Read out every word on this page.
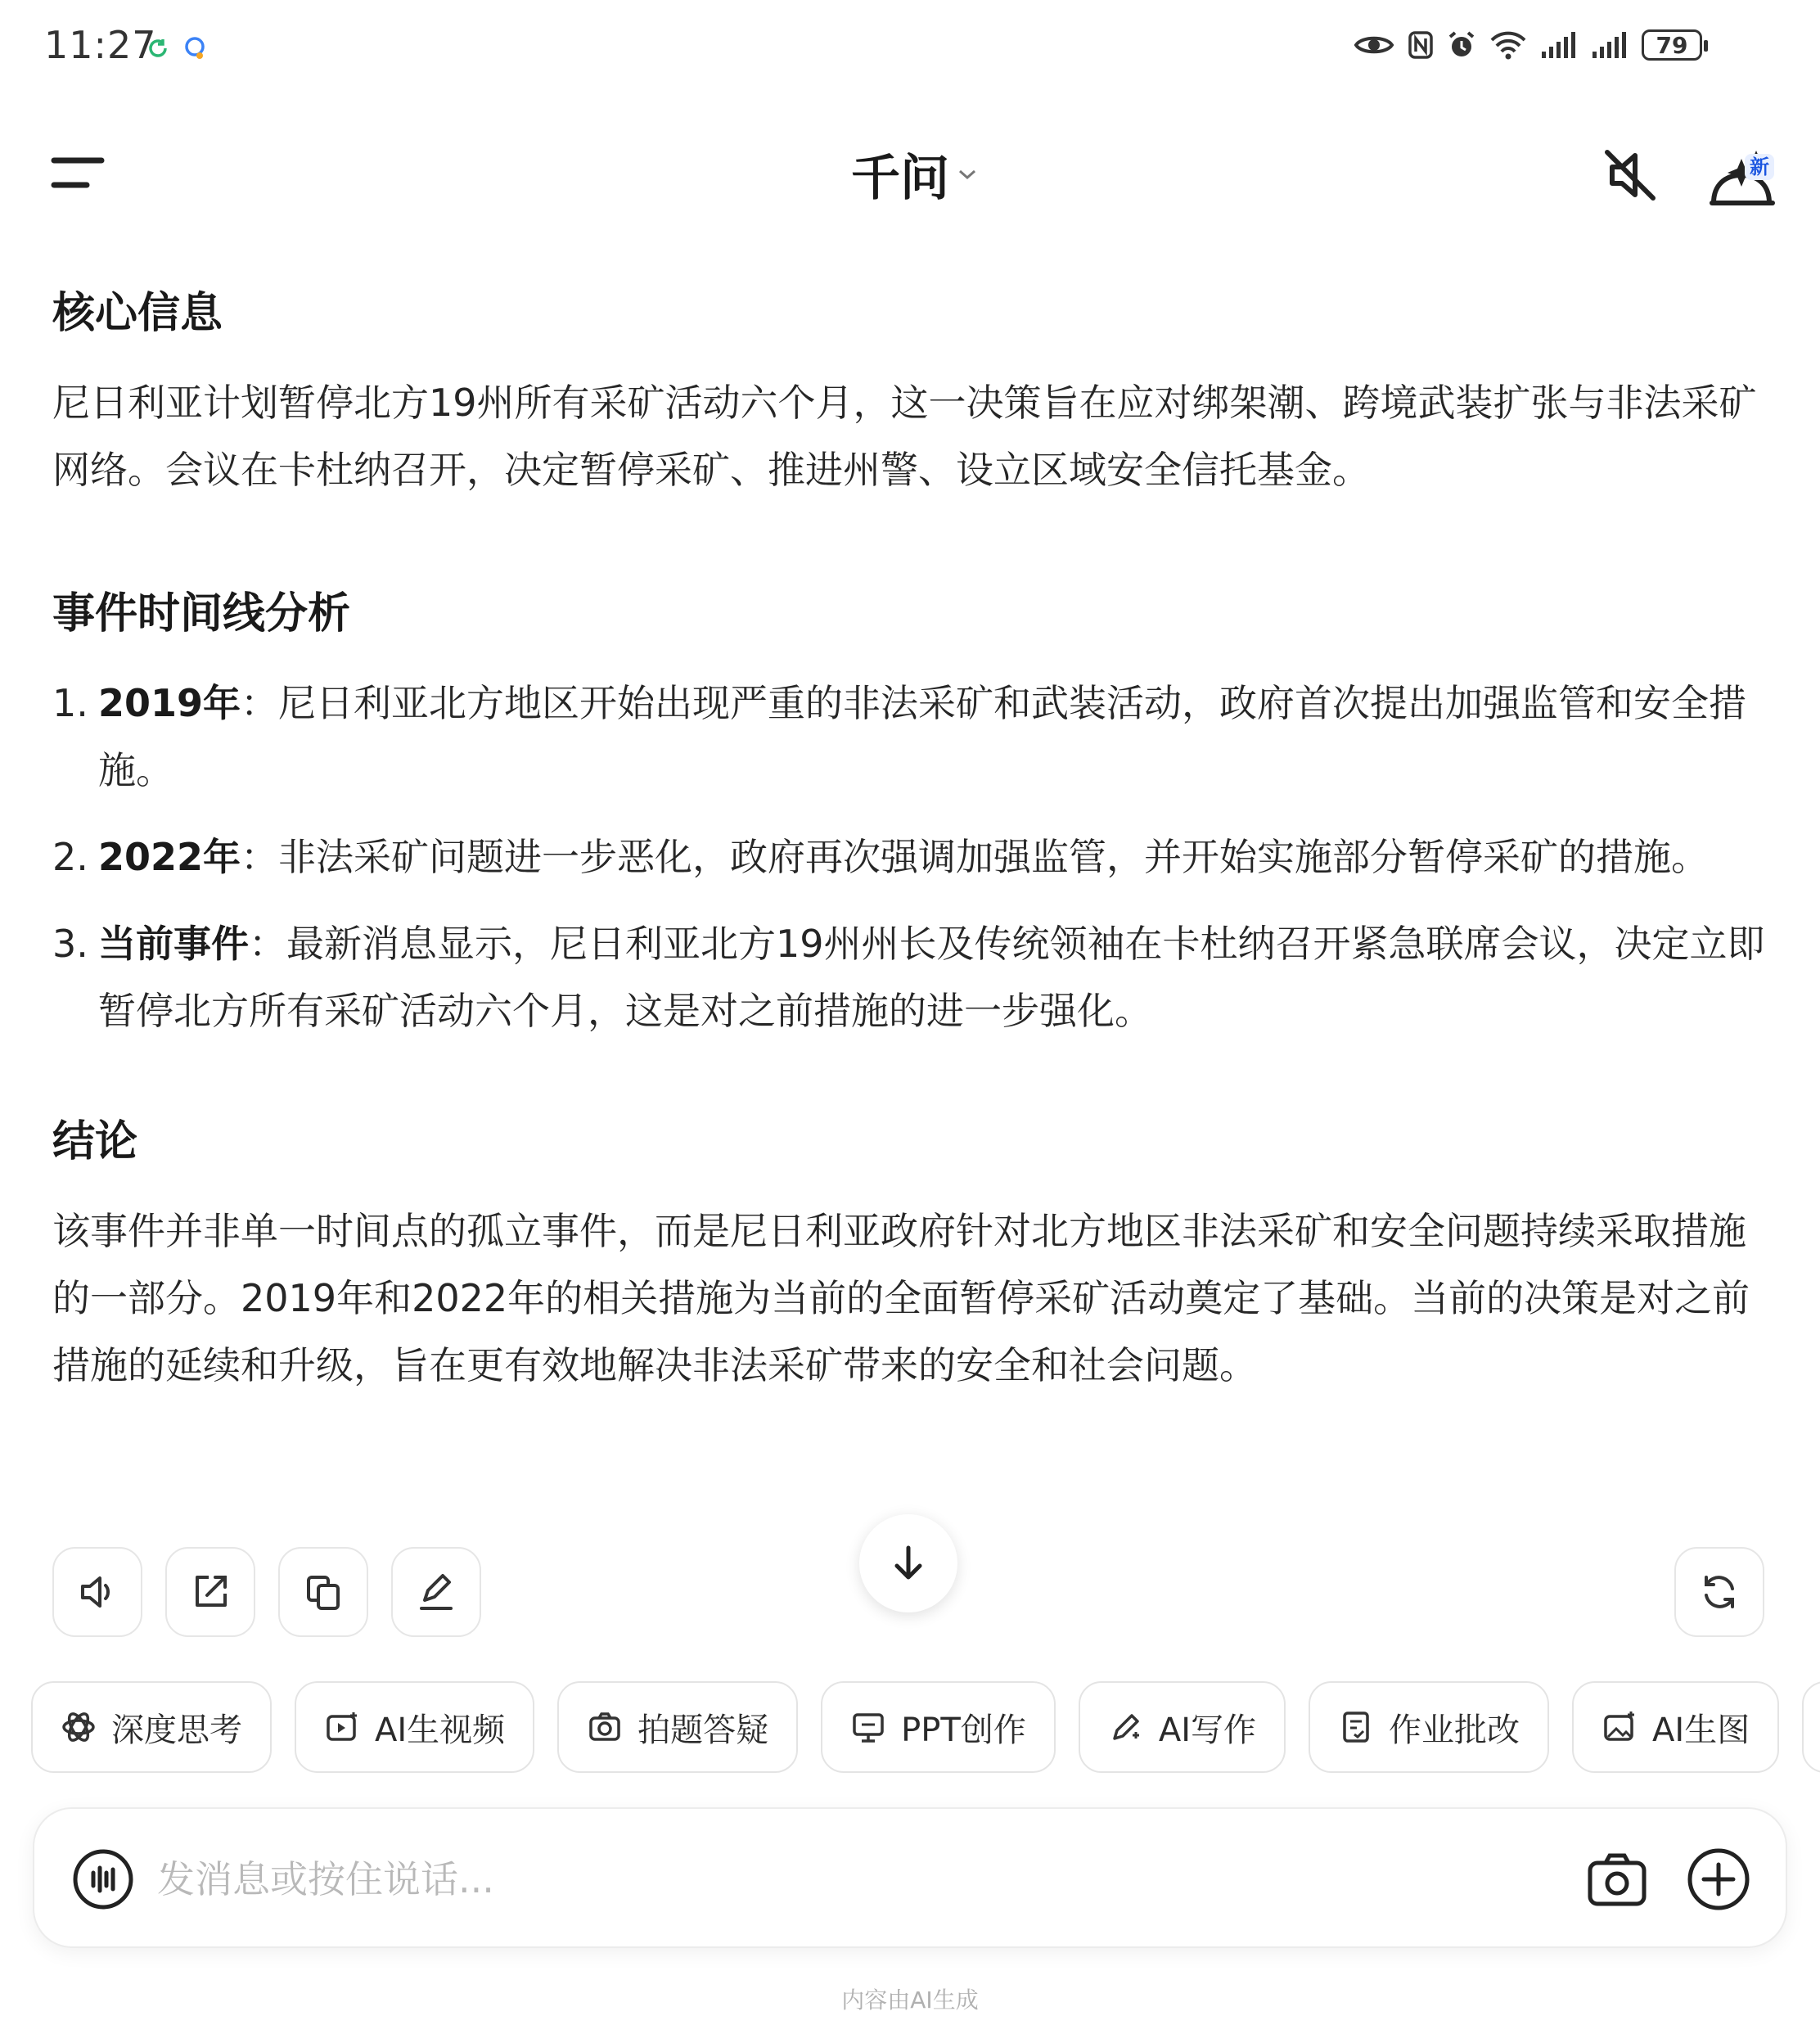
11:27	79
千问	新
核心信息

尼日利亚计划暂停北方19州所有采矿活动六个月，这一决策旨在应对绑架潮、跨境武装扩张与非法采矿网络。会议在卡杜纳召开，决定暂停采矿、推进州警、设立区域安全信托基金。

事件时间线分析
1. 2019年：尼日利亚北方地区开始出现严重的非法采矿和武装活动，政府首次提出加强监管和安全措施。
2. 2022年：非法采矿问题进一步恶化，政府再次强调加强监管，并开始实施部分暂停采矿的措施。
3. 当前事件：最新消息显示，尼日利亚北方19州州长及传统领袖在卡杜纳召开紧急联席会议，决定立即暂停北方所有采矿活动六个月，这是对之前措施的进一步强化。
结论

该事件并非单一时间点的孤立事件，而是尼日利亚政府针对北方地区非法采矿和安全问题持续采取措施的一部分。2019年和2022年的相关措施为当前的全面暂停采矿活动奠定了基础。当前的决策是对之前措施的延续和升级，旨在更有效地解决非法采矿带来的安全和社会问题。

深度思考	AI生视频	拍题答疑	PPT创作	AI写作	作业批改	AI生图
发消息或按住说话...
内容由AI生成
